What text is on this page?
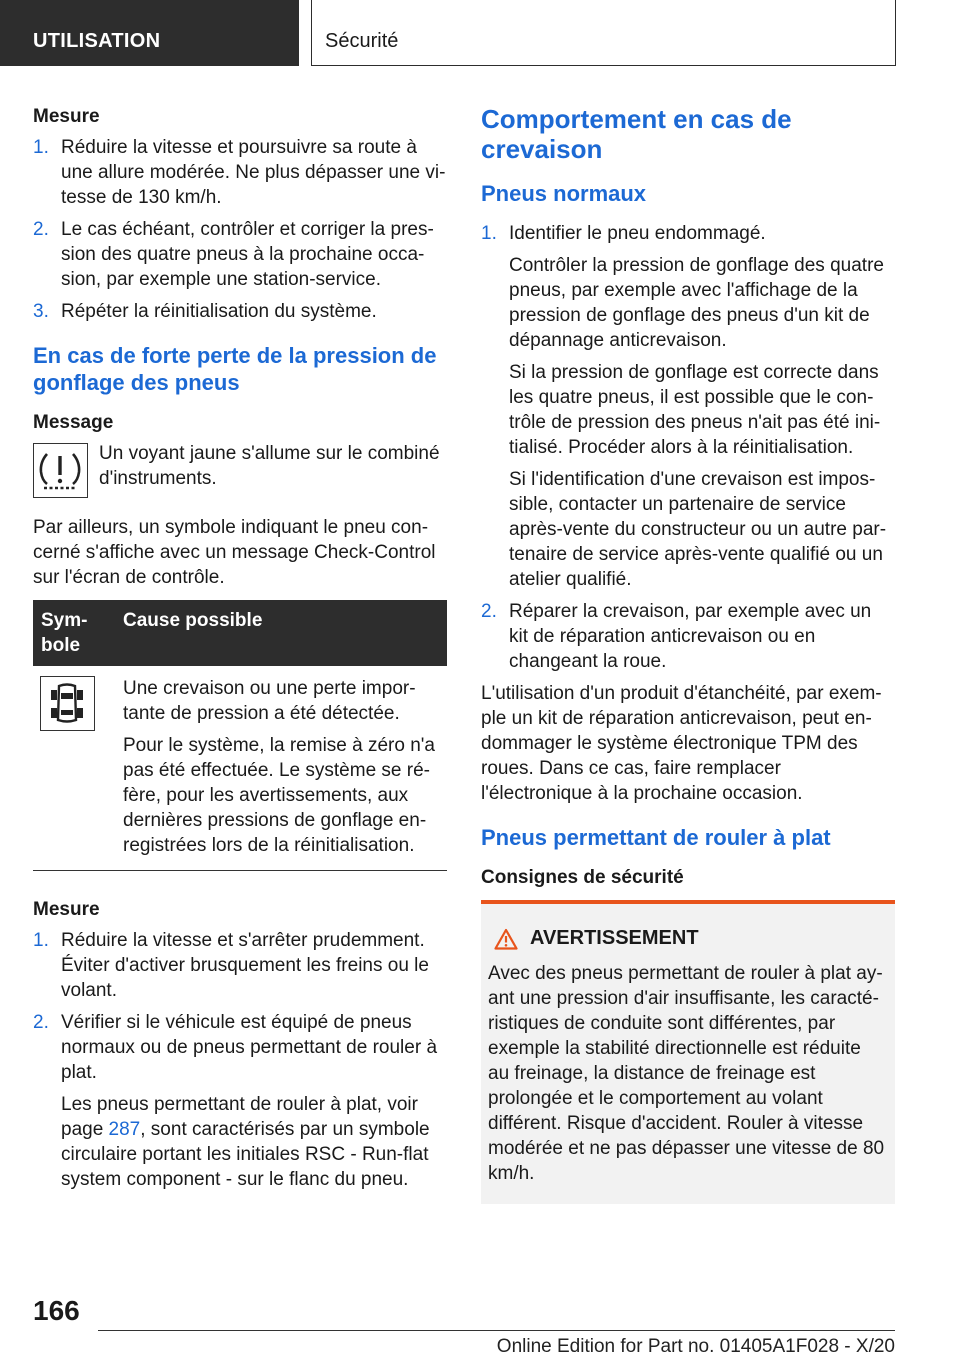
UTILISATION	Sécurité
Mesure
1. Réduire la vitesse et poursuivre sa route à une allure modérée. Ne plus dépasser une vitesse de 130 km/h.
2. Le cas échéant, contrôler et corriger la pression des quatre pneus à la prochaine occasion, par exemple une station-service.
3. Répéter la réinitialisation du système.
En cas de forte perte de la pression de gonflage des pneus
Message
Un voyant jaune s'allume sur le combiné d'instruments.

Par ailleurs, un symbole indiquant le pneu concerné s'affiche avec un message Check-Control sur l'écran de contrôle.

Symbole	Cause possible

Une crevaison ou une perte importante de pression a été détectée.

Pour le système, la remise à zéro n'a pas été effectuée. Le système se réfère, pour les avertissements, aux dernières pressions de gonflage enregistrées lors de la réinitialisation.

Mesure
1. Réduire la vitesse et s'arrêter prudemment. Éviter d'activer brusquement les freins ou le volant.
2. Vérifier si le véhicule est équipé de pneus normaux ou de pneus permettant de rouler à plat.

Les pneus permettant de rouler à plat, voir page 287, sont caractérisés par un symbole circulaire portant les initiales RSC - Run-flat system component - sur le flanc du pneu.

Comportement en cas de crevaison
Pneus normaux
1. Identifier le pneu endommagé.

Contrôler la pression de gonflage des quatre pneus, par exemple avec l'affichage de la pression de gonflage des pneus d'un kit de dépannage anticrevaison.

Si la pression de gonflage est correcte dans les quatre pneus, il est possible que le contrôle de pression des pneus n'ait pas été initialisé. Procéder alors à la réinitialisation.

Si l'identification d'une crevaison est impossible, contacter un partenaire de service après-vente du constructeur ou un autre partenaire de service après-vente qualifié ou un atelier qualifié.

2. Réparer la crevaison, par exemple avec un kit de réparation anticrevaison ou en changeant la roue.

L'utilisation d'un produit d'étanchéité, par exemple un kit de réparation anticrevaison, peut endommager le système électronique TPM des roues. Dans ce cas, faire remplacer l'électronique à la prochaine occasion.

Pneus permettant de rouler à plat
Consignes de sécurité
AVERTISSEMENT

Avec des pneus permettant de rouler à plat ayant une pression d'air insuffisante, les caractéristiques de conduite sont différentes, par exemple la stabilité directionnelle est réduite au freinage, la distance de freinage est prolongée et le comportement au volant différent. Risque d'accident. Rouler à vitesse modérée et ne pas dépasser une vitesse de 80 km/h.

166
Online Edition for Part no. 01405A1F028 - X/20
